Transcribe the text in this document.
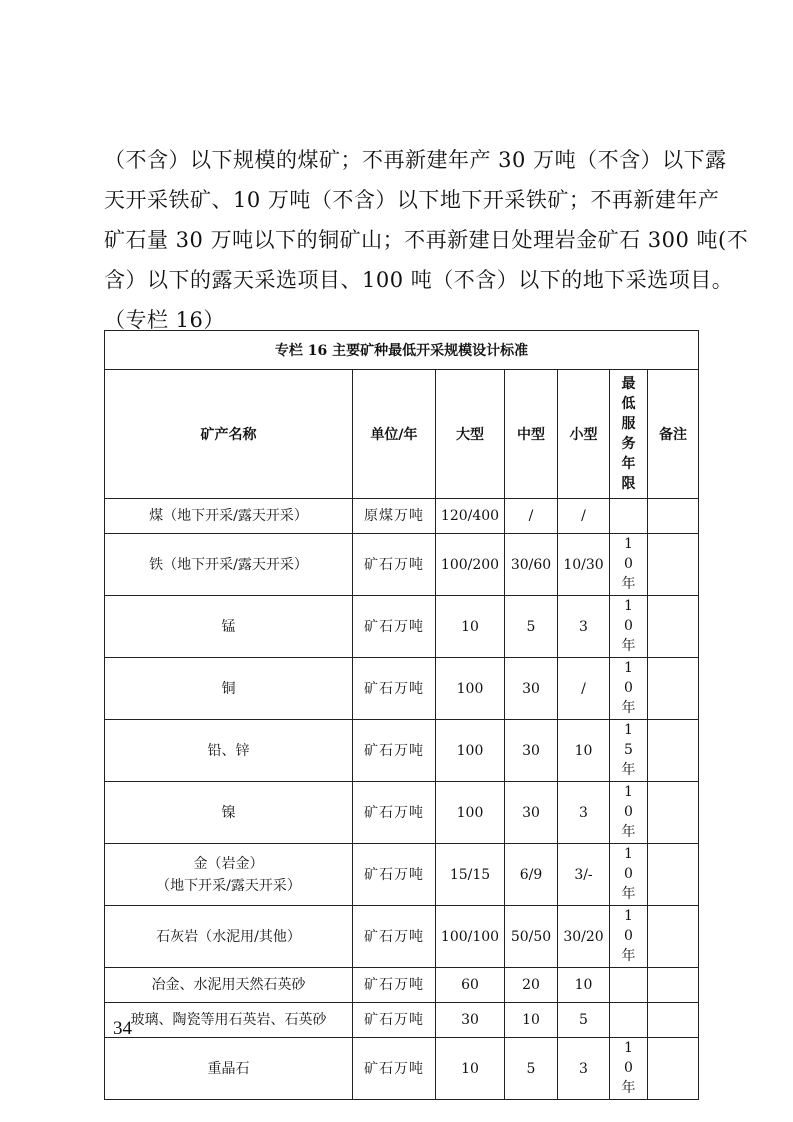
（不含）以下规模的煤矿；不再新建年产 30 万吨（不含）以下露

天开采铁矿、10 万吨（不含）以下地下开采铁矿；不再新建年产

矿石量 30 万吨以下的铜矿山；不再新建日处理岩金矿石 300 吨(不

含）以下的露天采选项目、100 吨（不含）以下的地下采选项目。

（专栏 16）

专栏 16 主要矿种最低开采规模设计标准						
矿产名称	单位/年	大型	中型	小型	最低服务年限	备注
煤（地下开采/露天开采）	原煤万吨	120/400	/	/		
铁（地下开采/露天开采）	矿石万吨	100/200	30/60	10/30	10年	
锰	矿石万吨	10	5	3	10年	
铜	矿石万吨	100	30	/	10年	
铅、锌	矿石万吨	100	30	10	15年	
镍	矿石万吨	100	30	3	10年	
金（岩金）
（地下开采/露天开采）	矿石万吨	15/15	6/9	3/-	10年	
石灰岩（水泥用/其他）	矿石万吨	100/100	50/50	30/20	10年	
冶金、水泥用天然石英砂	矿石万吨	60	20	10		
玻璃、陶瓷等用石英岩、石英砂	矿石万吨	30	10	5		
重晶石	矿石万吨	10	5	3	10年	
34
